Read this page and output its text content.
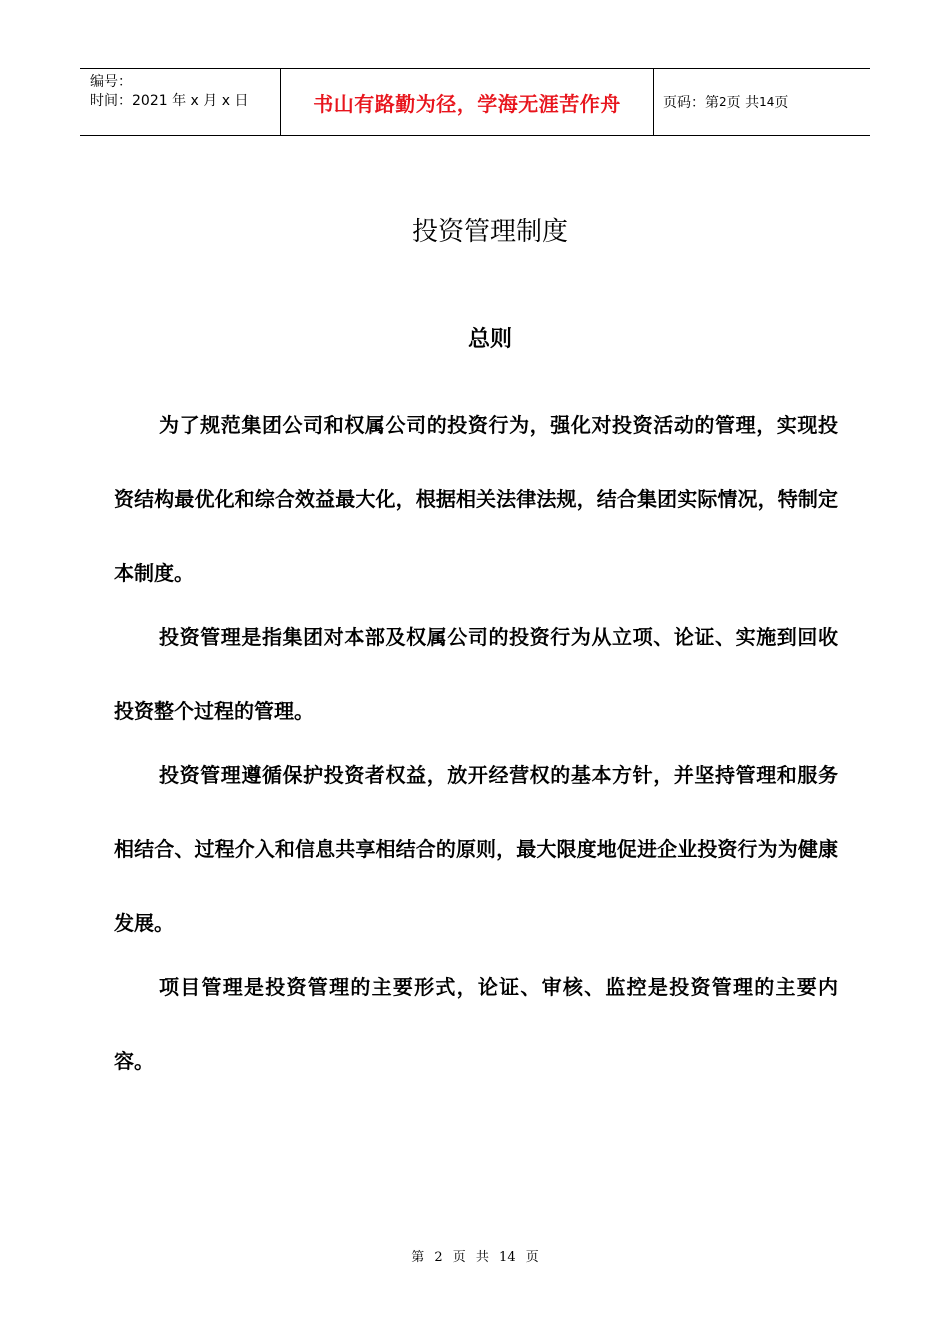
编号：
时间：2021 年 x 月 x 日	书山有路勤为径，学海无涯苦作舟	页码：第 2 页 共 14 页
投资管理制度
总则

为了规范集团公司和权属公司的投资行为，强化对投资活动的管理，实现投资结构最优化和综合效益最大化，根据相关法律法规，结合集团实际情况，特制定本制度。

投资管理是指集团对本部及权属公司的投资行为从立项、论证、实施到回收投资整个过程的管理。

投资管理遵循保护投资者权益，放开经营权的基本方针，并坚持管理和服务相结合、过程介入和信息共享相结合的原则，最大限度地促进企业投资行为为健康发展。

项目管理是投资管理的主要形式，论证、审核、监控是投资管理的主要内容。

第 2 页 共 14 页
